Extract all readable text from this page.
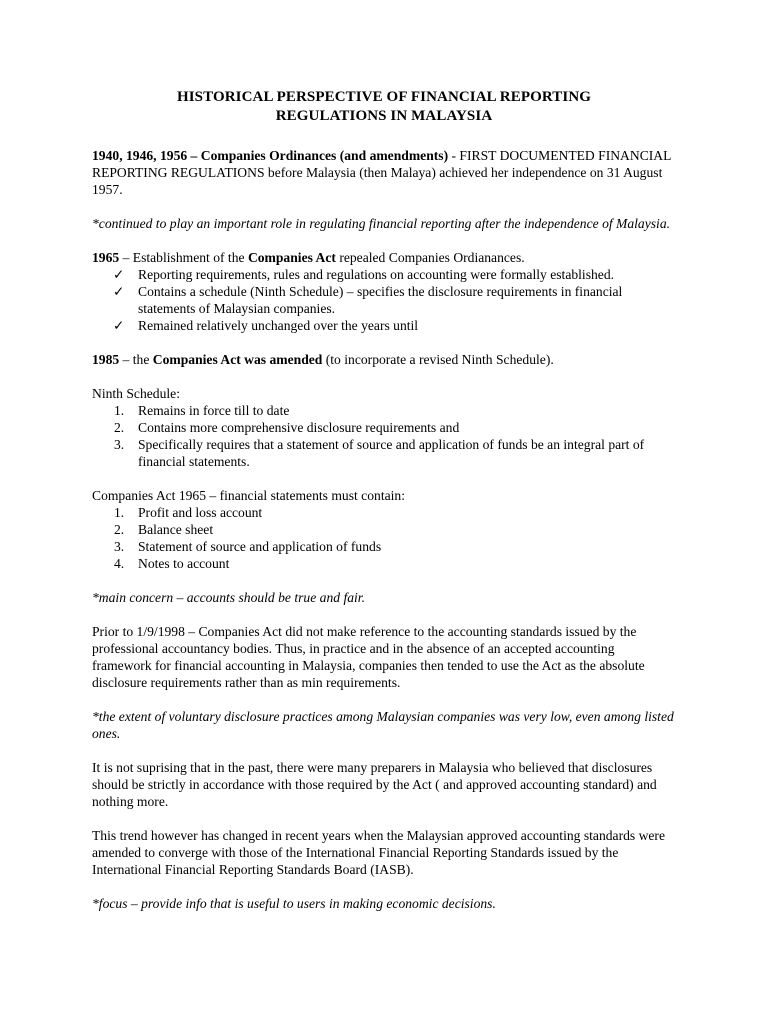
HISTORICAL PERSPECTIVE OF FINANCIAL REPORTING
REGULATIONS IN MALAYSIA

1940, 1946, 1956 – Companies Ordinances (and amendments) - FIRST DOCUMENTED FINANCIAL REPORTING REGULATIONS before Malaysia (then Malaya) achieved her independence on 31 August 1957.

*continued to play an important role in regulating financial reporting after the independence of Malaysia.

1965 – Establishment of the Companies Act repealed Companies Ordianances.

✓ Reporting requirements, rules and regulations on accounting were formally established.
✓ Contains a schedule (Ninth Schedule) – specifies the disclosure requirements in financial statements of Malaysian companies.
✓ Remained relatively unchanged over the years until

1985 – the Companies Act was amended (to incorporate a revised Ninth Schedule).

Ninth Schedule:

1. Remains in force till to date
2. Contains more comprehensive disclosure requirements and
3. Specifically requires that a statement of source and application of funds be an integral part of financial statements.

Companies Act 1965 – financial statements must contain:

1. Profit and loss account
2. Balance sheet
3. Statement of source and application of funds
4. Notes to account

*main concern – accounts should be true and fair.

Prior to 1/9/1998 – Companies Act did not make reference to the accounting standards issued by the professional accountancy bodies. Thus, in practice and in the absence of an accepted accounting framework for financial accounting in Malaysia, companies then tended to use the Act as the absolute disclosure requirements rather than as min requirements.

*the extent of voluntary disclosure practices among Malaysian companies was very low, even among listed ones.

It is not suprising that in the past, there were many preparers in Malaysia who believed that disclosures should be strictly in accordance with those required by the Act ( and approved accounting standard) and nothing more.

This trend however has changed in recent years when the Malaysian approved accounting standards were amended to converge with those of the International Financial Reporting Standards issued by the International Financial Reporting Standards Board (IASB).

*focus – provide info that is useful to users in making economic decisions.
